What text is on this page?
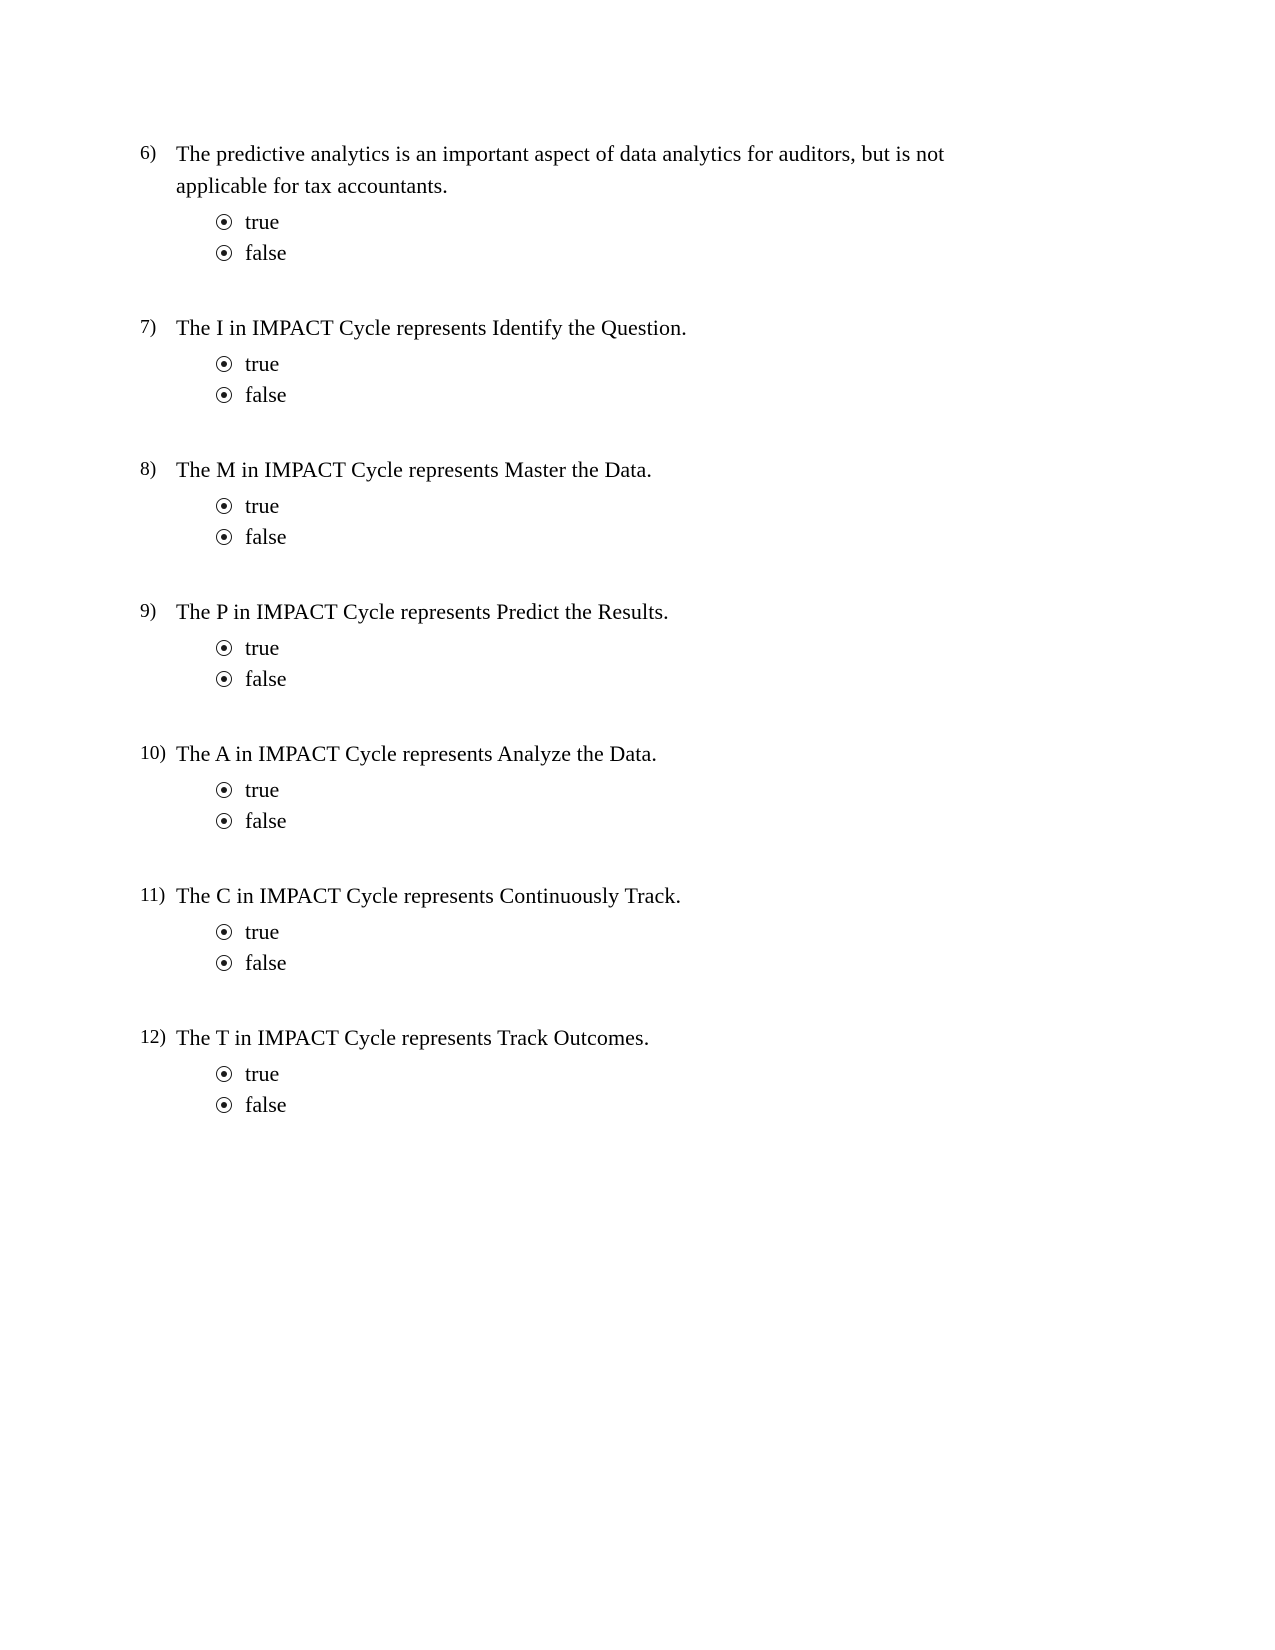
6) The predictive analytics is an important aspect of data analytics for auditors, but is not applicable for tax accountants.
true
false
7) The I in IMPACT Cycle represents Identify the Question.
true
false
8) The M in IMPACT Cycle represents Master the Data.
true
false
9) The P in IMPACT Cycle represents Predict the Results.
true
false
10) The A in IMPACT Cycle represents Analyze the Data.
true
false
11) The C in IMPACT Cycle represents Continuously Track.
true
false
12) The T in IMPACT Cycle represents Track Outcomes.
true
false
